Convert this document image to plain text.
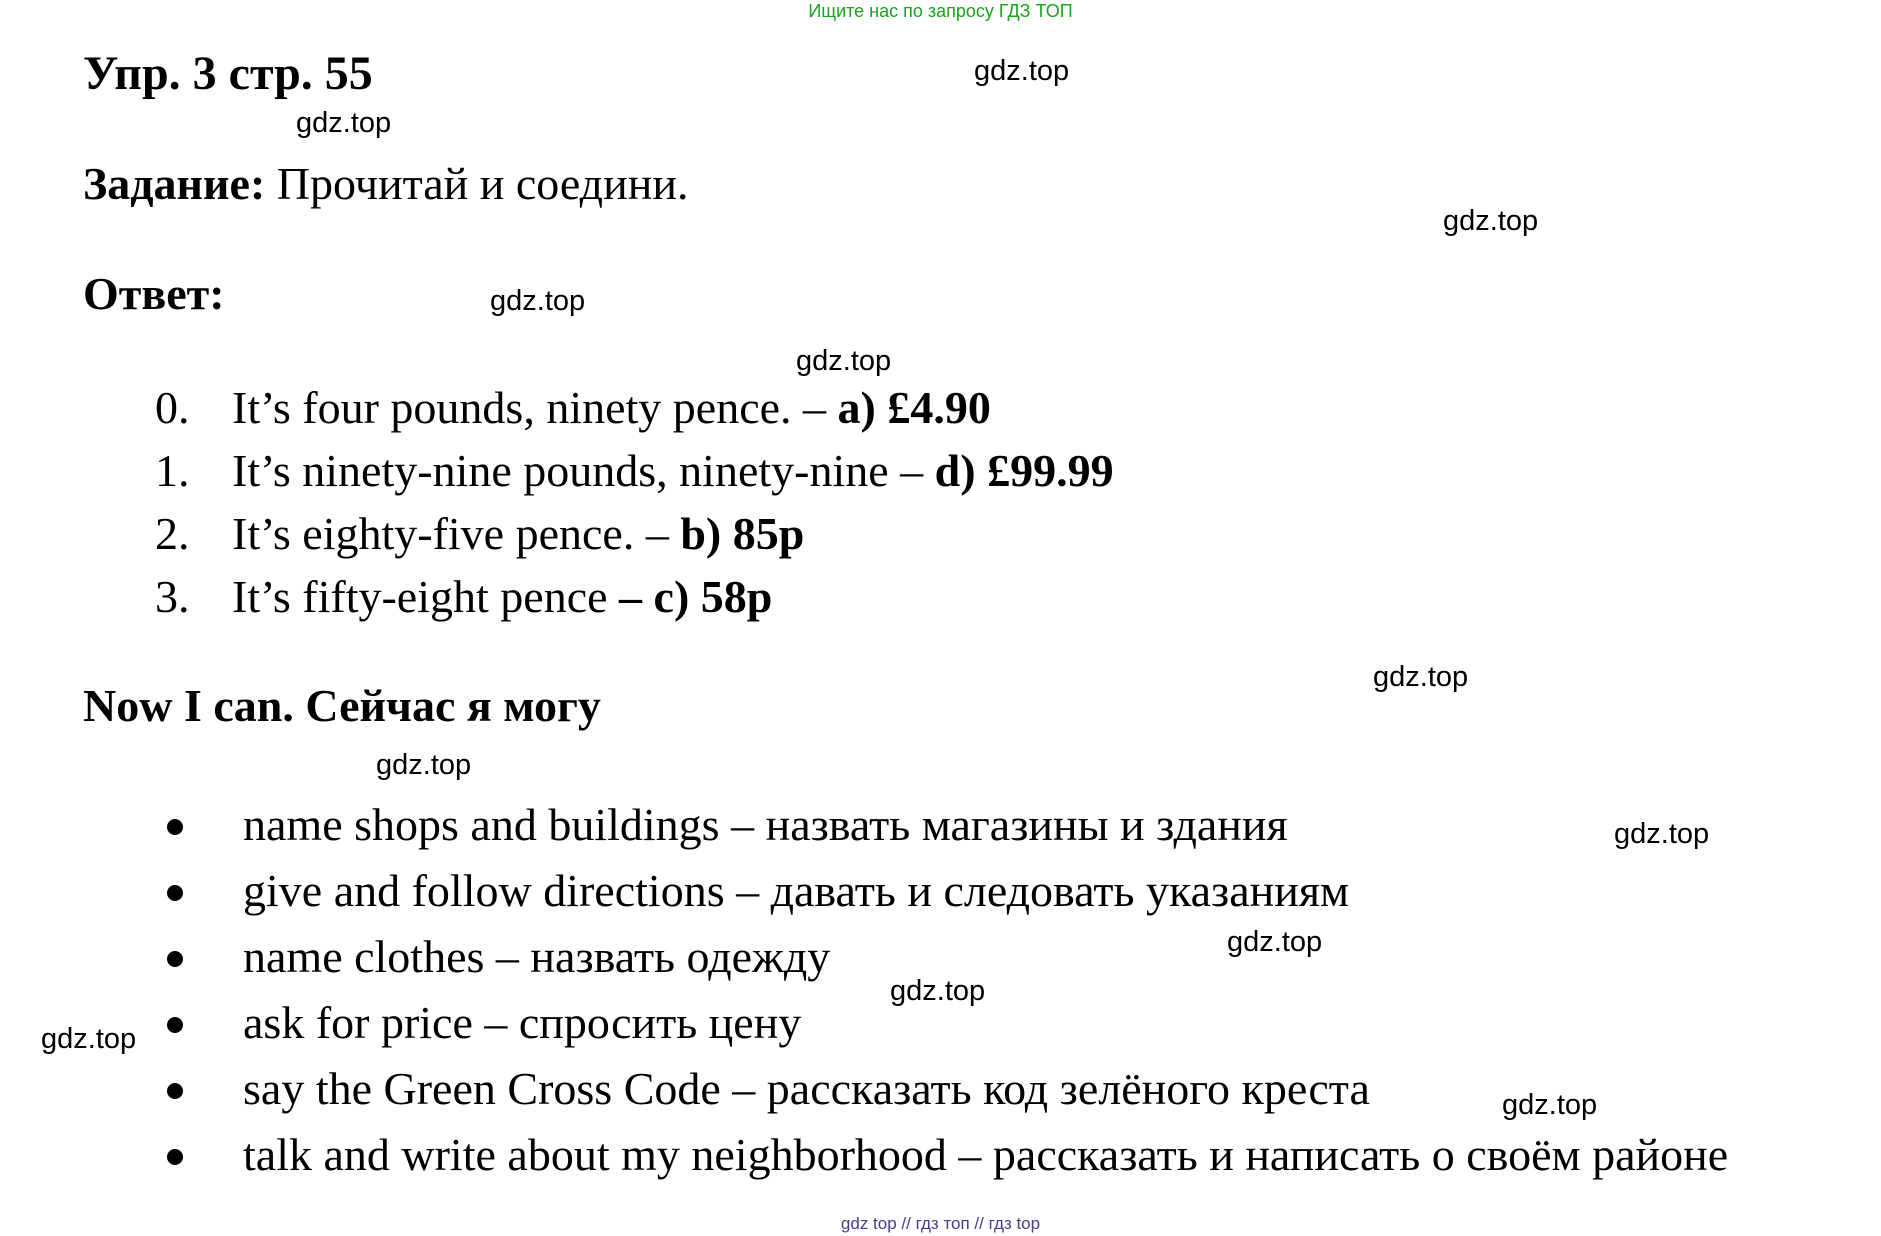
Ищите нас по запросу ГДЗ ТОП
Упр. 3 стр. 55
Задание: Прочитай и соедини.
Ответ:
0. It’s four pounds, ninety pence. – a) £4.90
1. It’s ninety-nine pounds, ninety-nine – d) £99.99
2. It’s eighty-five pence. – b) 85p
3. It’s fifty-eight pence – c) 58p
Now I can. Сейчас я могу
name shops and buildings – назвать магазины и здания
give and follow directions – давать и следовать указаниям
name clothes – назвать одежду
ask for price – спросить цену
say the Green Cross Code – рассказать код зелёного креста
talk and write about my neighborhood – рассказать и написать о своём районе
gdz.top
gdz.top
gdz.top
gdz.top
gdz.top
gdz.top
gdz.top
gdz.top
gdz.top
gdz.top
gdz.top
gdz.top
gdz top // гдз топ // гдз top
